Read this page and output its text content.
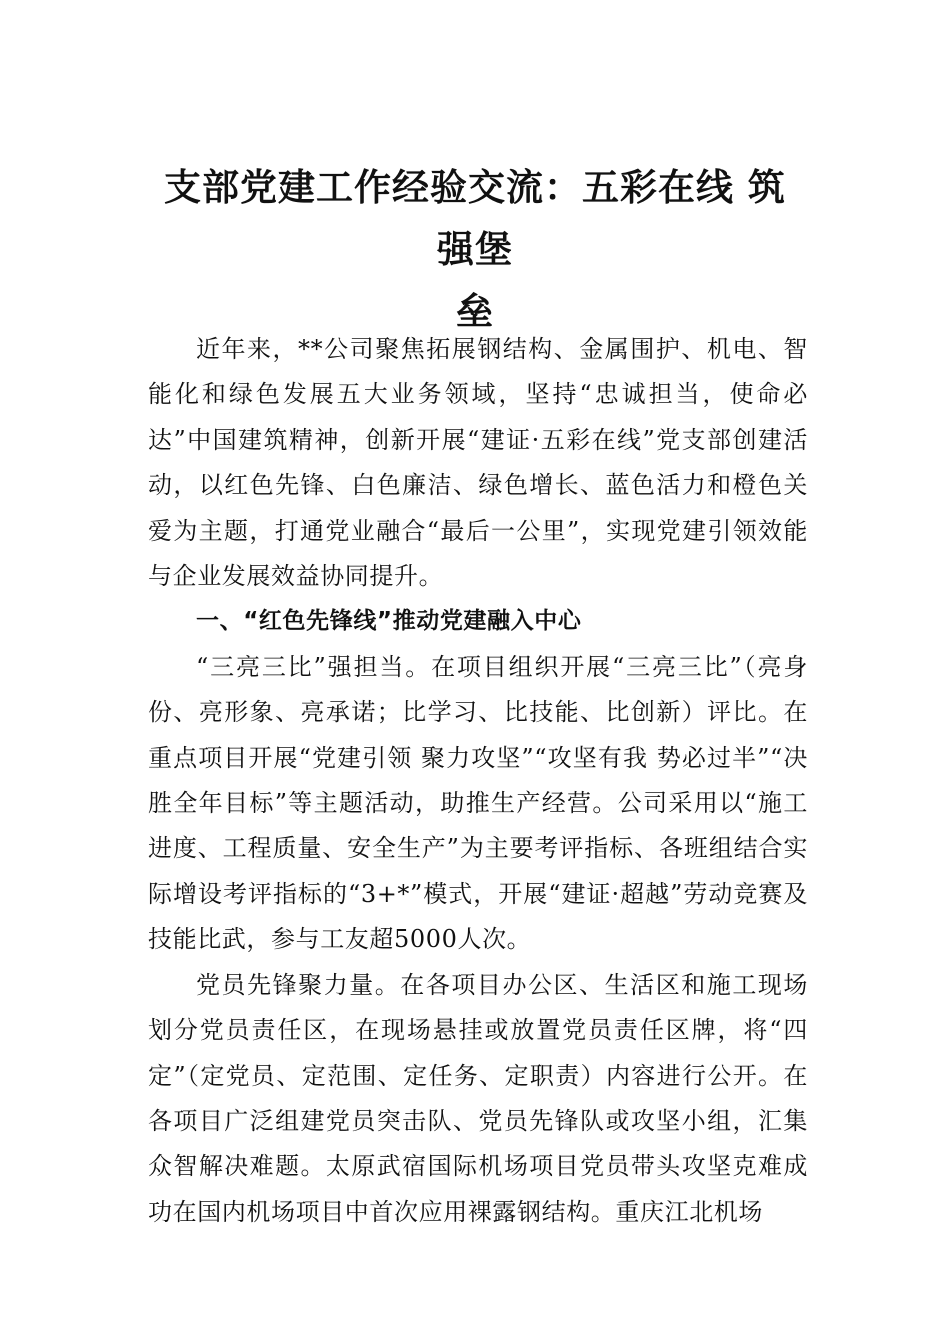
支部党建工作经验交流：五彩在线 筑强堡
垒

近年来，**公司聚焦拓展钢结构、金属围护、机电、智能化和绿色发展五大业务领域，坚持“忠诚担当，使命必达”中国建筑精神，创新开展“建证·五彩在线”党支部创建活动，以红色先锋、白色廉洁、绿色增长、蓝色活力和橙色关爱为主题，打通党业融合“最后一公里”，实现党建引领效能与企业发展效益协同提升。

一、“红色先锋线”推动党建融入中心

“三亮三比”强担当。在项目组织开展“三亮三比”（亮身份、亮形象、亮承诺；比学习、比技能、比创新）评比。在重点项目开展“党建引领 聚力攻坚”“攻坚有我 势必过半”“决胜全年目标”等主题活动，助推生产经营。公司采用以“施工进度、工程质量、安全生产”为主要考评指标、各班组结合实际增设考评指标的“3+*”模式，开展“建证·超越”劳动竞赛及技能比武，参与工友超5000人次。

党员先锋聚力量。在各项目办公区、生活区和施工现场划分党员责任区，在现场悬挂或放置党员责任区牌，将“四定”（定党员、定范围、定任务、定职责）内容进行公开。在各项目广泛组建党员突击队、党员先锋队或攻坚小组，汇集众智解决难题。太原武宿国际机场项目党员带头攻坚克难成功在国内机场项目中首次应用裸露钢结构。重庆江北机场
